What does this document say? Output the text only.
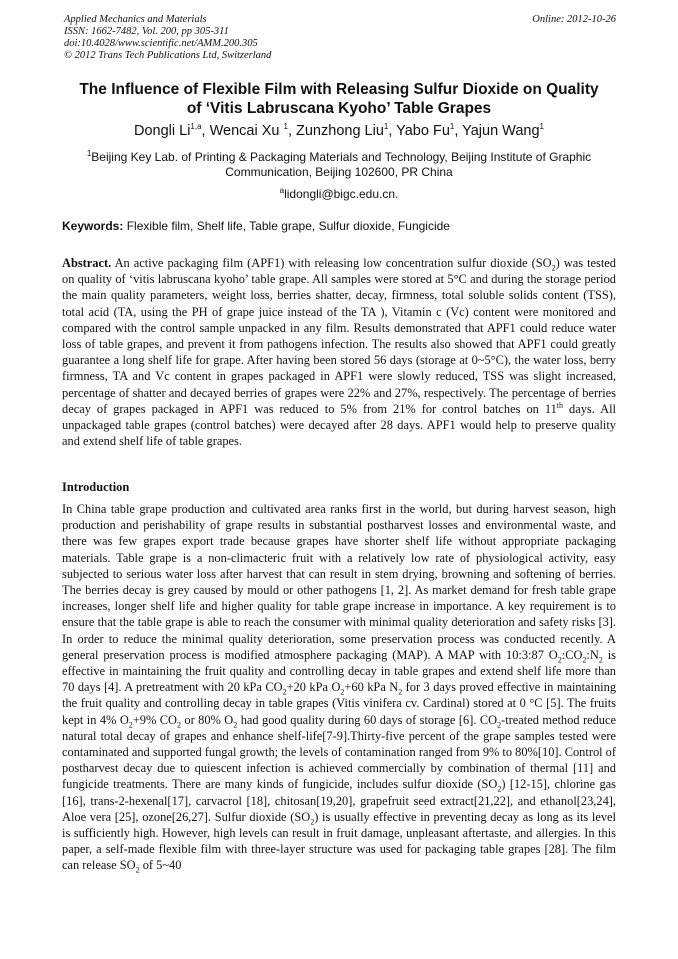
Applied Mechanics and Materials
ISSN: 1662-7482, Vol. 200, pp 305-311
doi:10.4028/www.scientific.net/AMM.200.305
© 2012 Trans Tech Publications Ltd, Switzerland
Online: 2012-10-26
The Influence of Flexible Film with Releasing Sulfur Dioxide on Quality
of ‘Vitis Labruscana Kyoho’ Table Grapes
Dongli Li$^{1,a}$, Wencai Xu $^1$, Zunzhong Liu$^1$, Yabo Fu$^1$, Yajun Wang$^1$
$^1$Beijing Key Lab. of Printing & Packaging Materials and Technology, Beijing Institute of Graphic
Communication, Beijing 102600, PR China
$^a$lidongli@bigc.edu.cn.
Keywords: Flexible film, Shelf life, Table grape, Sulfur dioxide, Fungicide
Abstract. An active packaging film (APF1) with releasing low concentration sulfur dioxide $(SO_2)$ was tested on quality of ‘vitis labruscana kyoho’ table grape. All samples were stored at 5°C and during the storage period the main quality parameters, weight loss, berries shatter, decay, firmness, total soluble solids content (TSS), total acid (TA, using the PH of grape juice instead of the TA ), Vitamin c (Vc) content were monitored and compared with the control sample unpacked in any film. Results demonstrated that APF1 could reduce water loss of table grapes, and prevent it from pathogens infection. The results also showed that APF1 could greatly guarantee a long shelf life for grape. After having been stored 56 days (storage at 0~5°C), the water loss, berry firmness, TA and Vc content in grapes packaged in APF1 were slowly reduced, TSS was slight increased, percentage of shatter and decayed berries of grapes were 22% and 27%, respectively. The percentage of berries decay of grapes packaged in APF1 was reduced to 5% from 21% for control batches on 11th days. All unpackaged table grapes (control batches) were decayed after 28 days. APF1 would help to preserve quality and extend shelf life of table grapes.
Introduction
In China table grape production and cultivated area ranks first in the world, but during harvest season, high production and perishability of grape results in substantial postharvest losses and environmental waste, and there was few grapes export trade because grapes have shorter shelf life without appropriate packaging materials. Table grape is a non-climacteric fruit with a relatively low rate of physiological activity, easy subjected to serious water loss after harvest that can result in stem drying, browning and softening of berries. The berries decay is grey caused by mould or other pathogens [1, 2]. As market demand for fresh table grape increases, longer shelf life and higher quality for table grape increase in importance. A key requirement is to ensure that the table grape is able to reach the consumer with minimal quality deterioration and safety risks [3]. In order to reduce the minimal quality deterioration, some preservation process was conducted recently. A general preservation process is modified atmosphere packaging (MAP). A MAP with 10:3:87 $O_2:CO_2:N_2$ is effective in maintaining the fruit quality and controlling decay in table grapes and extend shelf life more than 70 days [4]. A pretreatment with 20 kPa $CO_2+20$ kPa $O_2+60$ kPa $N_2$ for 3 days proved effective in maintaining the fruit quality and controlling decay in table grapes (Vitis vinifera cv. Cardinal) stored at 0 °C [5]. The fruits kept in 4% $O_2+9\%$ $CO_2$ or 80% $O_2$ had good quality during 60 days of storage [6]. $CO_2$-treated method reduce natural total decay of grapes and enhance shelf-life[7-9].Thirty-five percent of the grape samples tested were contaminated and supported fungal growth; the levels of contamination ranged from 9% to 80%[10]. Control of postharvest decay due to quiescent infection is achieved commercially by combination of thermal [11] and fungicide treatments. There are many kinds of fungicide, includes sulfur dioxide $(SO_2)$ [12-15], chlorine gas [16], trans-2-hexenal[17], carvacrol [18], chitosan[19,20], grapefruit seed extract[21,22], and ethanol[23,24], Aloe vera [25], ozone[26,27]. Sulfur dioxide $(SO_2)$ is usually effective in preventing decay as long as its level is sufficiently high. However, high levels can result in fruit damage, unpleasant aftertaste, and allergies. In this paper, a self-made flexible film with three-layer structure was used for packaging table grapes [28]. The film can release $SO_2$ of 5~40
